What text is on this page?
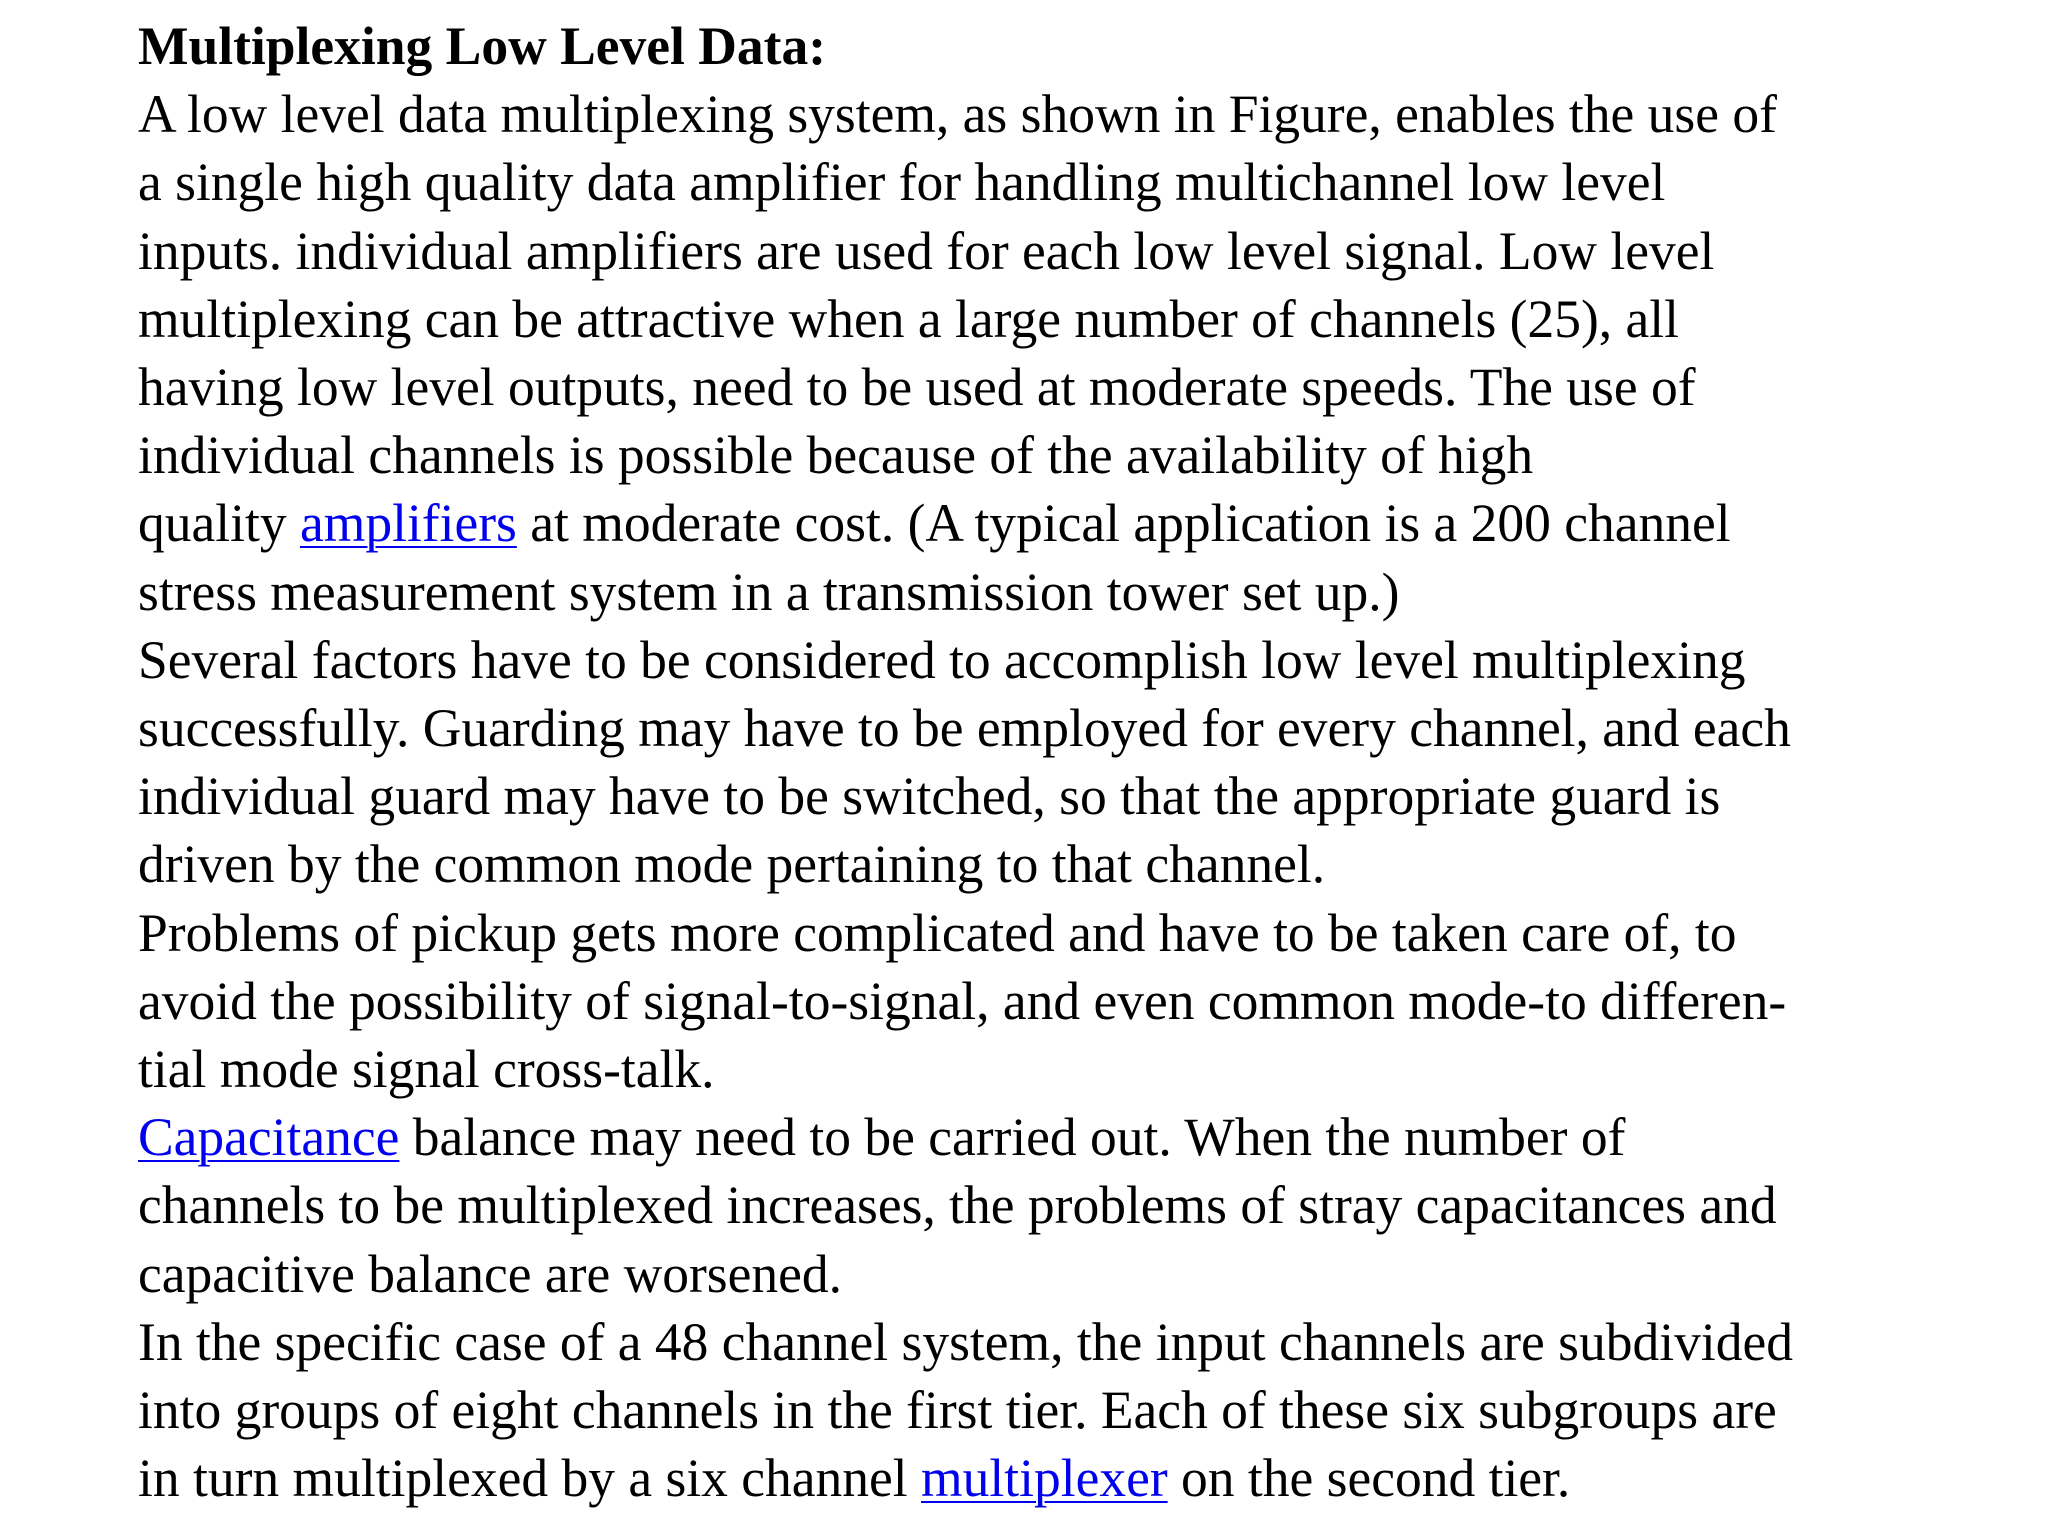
Multiplexing Low Level Data:
A low level data multiplexing system, as shown in Figure, enables the use of
a single high quality data amplifier for handling multichannel low level
inputs. individual amplifiers are used for each low level signal. Low level
multiplexing can be attractive when a large number of channels (25), all
having low level outputs, need to be used at moderate speeds. The use of
individual channels is possible because of the availability of high
quality amplifiers at moderate cost. (A typical application is a 200 channel
stress measurement system in a transmission tower set up.)
Several factors have to be considered to accomplish low level multiplexing
successfully. Guarding may have to be employed for every channel, and each
individual guard may have to be switched, so that the appropriate guard is
driven by the common mode pertaining to that channel.
Problems of pickup gets more complicated and have to be taken care of, to
avoid the possibility of signal-to-signal, and even common mode-to differen-
tial mode signal cross-talk.
Capacitance balance may need to be carried out. When the number of
channels to be multiplexed increases, the problems of stray capacitances and
capacitive balance are worsened.
In the specific case of a 48 channel system, the input channels are subdivided
into groups of eight channels in the first tier. Each of these six subgroups are
in turn multiplexed by a six channel multiplexer on the second tier.
